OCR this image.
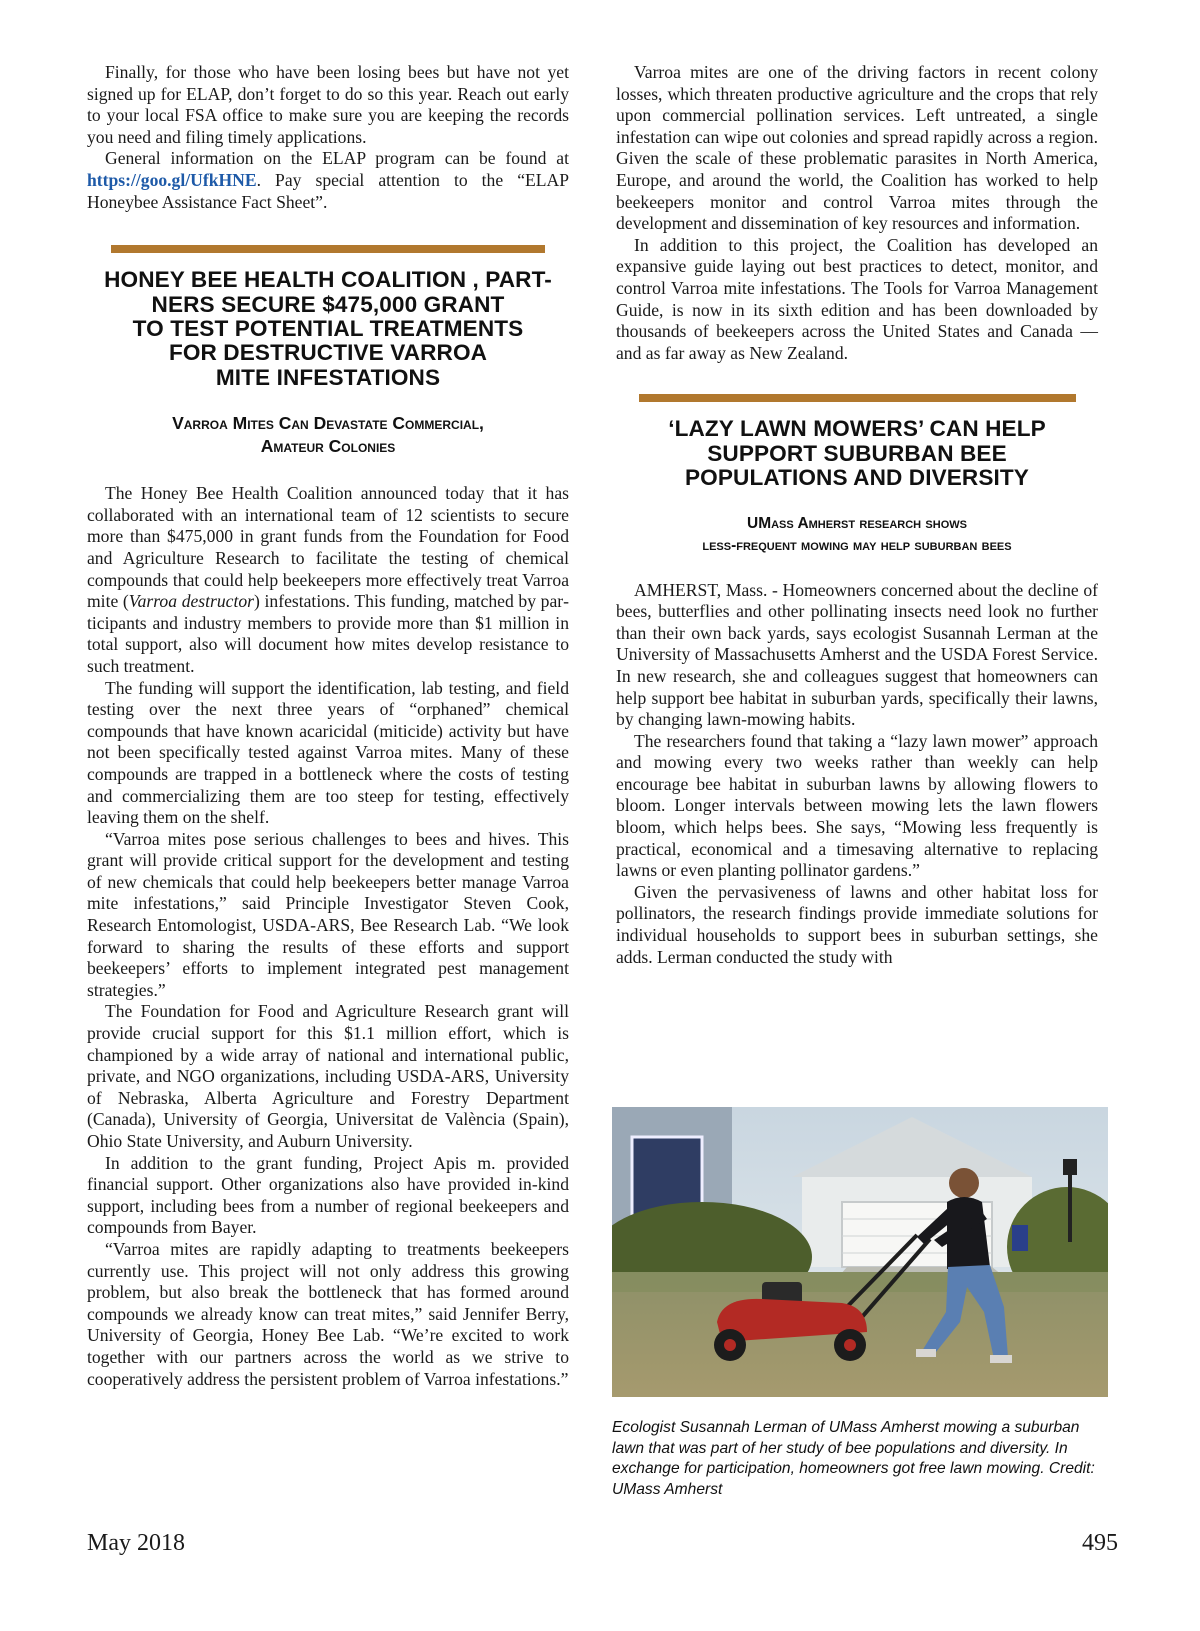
Finally, for those who have been losing bees but have not yet signed up for ELAP, don’t forget to do so this year. Reach out early to your local FSA office to make sure you are keeping the records you need and filing timely applications.

General information on the ELAP program can be found at https://goo.gl/UfkHNE. Pay special attention to the “ELAP Honeybee Assistance Fact Sheet”.

HONEY BEE HEALTH COALITION , PART-

NERS SECURE $475,000 GRANT

TO TEST POTENTIAL TREATMENTS

FOR DESTRUCTIVE VARROA

MITE INFESTATIONS

Varroa Mites Can Devastate Commercial,

Amateur Colonies

The Honey Bee Health Coalition announced today that it has collaborated with an international team of 12 scientists to secure more than $475,000 in grant funds from the Foundation for Food and Agriculture Research to facilitate the testing of chemical compounds that could help beekeepers more effectively treat Varroa mite (Varroa destructor) infestations. This funding, matched by participants and industry members to provide more than $1 million in total support, also will document how mites develop resistance to such treatment.

The funding will support the identification, lab testing, and field testing over the next three years of “orphaned” chemical compounds that have known acaricidal (miticide) activity but have not been specifically tested against Varroa mites. Many of these compounds are trapped in a bottleneck where the costs of testing and commercializing them are too steep for testing, effectively leaving them on the shelf.

“Varroa mites pose serious challenges to bees and hives. This grant will provide critical support for the development and testing of new chemicals that could help beekeepers better manage Varroa mite infestations,” said Principle Investigator Steven Cook, Research Entomologist, USDA-ARS, Bee Research Lab. “We look forward to sharing the results of these efforts and support beekeepers’ efforts to implement integrated pest management strategies.”

The Foundation for Food and Agriculture Research grant will provide crucial support for this $1.1 million effort, which is championed by a wide array of national and international public, private, and NGO organizations, including USDA-ARS, University of Nebraska, Alberta Agriculture and Forestry Department (Canada), University of Georgia, Universitat de València (Spain), Ohio State University, and Auburn University.

In addition to the grant funding, Project Apis m. provided financial support. Other organizations also have provided in-kind support, including bees from a number of regional beekeepers and compounds from Bayer.

“Varroa mites are rapidly adapting to treatments beekeepers currently use. This project will not only address this growing problem, but also break the bottleneck that has formed around compounds we already know can treat mites,” said Jennifer Berry, University of Georgia, Honey Bee Lab. “We’re excited to work together with our partners across the world as we strive to cooperatively address the persistent problem of Varroa infestations.”

Varroa mites are one of the driving factors in recent colony losses, which threaten productive agriculture and the crops that rely upon commercial pollination services. Left untreated, a single infestation can wipe out colonies and spread rapidly across a region. Given the scale of these problematic parasites in North America, Europe, and around the world, the Coalition has worked to help beekeepers monitor and control Varroa mites through the development and dissemination of key resources and information.

In addition to this project, the Coalition has developed an expansive guide laying out best practices to detect, monitor, and control Varroa mite infestations. The Tools for Varroa Management Guide, is now in its sixth edition and has been downloaded by thousands of beekeepers across the United States and Canada — and as far away as New Zealand.

‘LAZY LAWN MOWERS’ CAN HELP

SUPPORT SUBURBAN BEE

POPULATIONS AND DIVERSITY

UMass Amherst research shows

less-frequent mowing may help suburban bees

AMHERST, Mass. - Homeowners concerned about the decline of bees, butterflies and other pollinating insects need look no further than their own back yards, says ecologist Susannah Lerman at the University of Massachusetts Amherst and the USDA Forest Service. In new research, she and colleagues suggest that homeowners can help support bee habitat in suburban yards, specifically their lawns, by changing lawn-mowing habits.

The researchers found that taking a “lazy lawn mower” approach and mowing every two weeks rather than weekly can help encourage bee habitat in suburban lawns by allowing flowers to bloom. Longer intervals between mowing lets the lawn flowers bloom, which helps bees. She says, “Mowing less frequently is practical, economical and a timesaving alternative to replacing lawns or even planting pollinator gardens.”

Given the pervasiveness of lawns and other habitat loss for pollinators, the research findings provide immediate solutions for individual households to support bees in suburban settings, she adds. Lerman conducted the study with

Ecologist Susannah Lerman of UMass Amherst mowing a suburban lawn that was part of her study of bee populations and diversity. In exchange for participation, homeowners got free lawn mowing. Credit: UMass Amherst

May 2018	495
